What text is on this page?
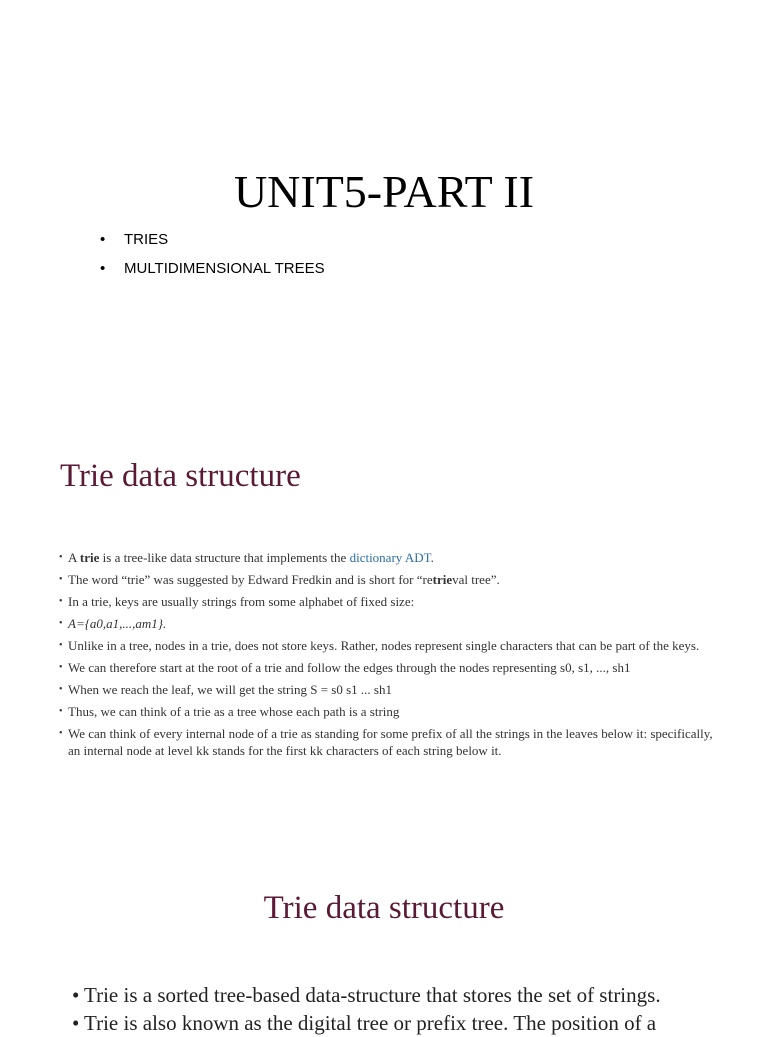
UNIT5-PART II
• TRIES
• MULTIDIMENSIONAL TREES
Trie data structure
• A trie is a tree-like data structure that implements the dictionary ADT.
• The word “trie” was suggested by Edward Fredkin and is short for “retrieval tree”.
• In a trie, keys are usually strings from some alphabet of fixed size:
• A={a0,a1,...,am1}.
• Unlike in a tree, nodes in a trie, does not store keys. Rather, nodes represent single characters that can be part of the keys.
• We can therefore start at the root of a trie and follow the edges through the nodes representing s0, s1, ..., sh1
• When we reach the leaf, we will get the string S = s0 s1 ... sh1
• Thus, we can think of a trie as a tree whose each path is a string
• We can think of every internal node of a trie as standing for some prefix of all the strings in the leaves below it: specifically, an internal node at level kk stands for the first kk characters of each string below it.
Trie data structure
• Trie is a sorted tree-based data-structure that stores the set of strings.
• Trie is also known as the digital tree or prefix tree. The position of a
